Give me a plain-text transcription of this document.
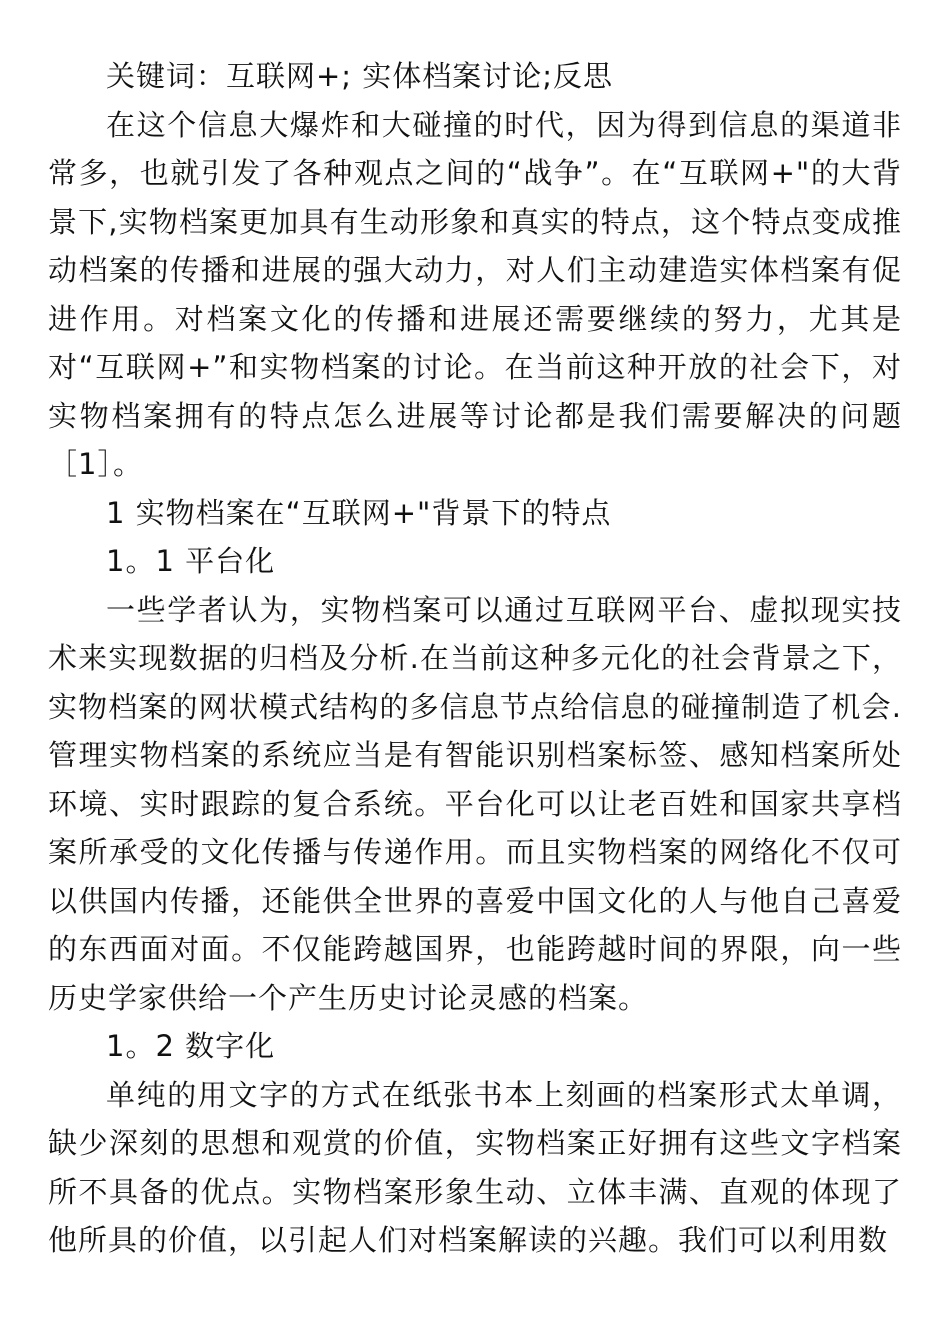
关键词：互联网+; 实体档案讨论;反思

在这个信息大爆炸和大碰撞的时代，因为得到信息的渠道非常多，也就引发了各种观点之间的“战争”。在“互联网+"的大背景下,实物档案更加具有生动形象和真实的特点，这个特点变成推动档案的传播和进展的强大动力，对人们主动建造实体档案有促进作用。对档案文化的传播和进展还需要继续的努力，尤其是对“互联网+”和实物档案的讨论。在当前这种开放的社会下，对实物档案拥有的特点怎么进展等讨论都是我们需要解决的问题［1］。

1 实物档案在“互联网+"背景下的特点

1。1 平台化

一些学者认为，实物档案可以通过互联网平台、虚拟现实技术来实现数据的归档及分析.在当前这种多元化的社会背景之下，实物档案的网状模式结构的多信息节点给信息的碰撞制造了机会.管理实物档案的系统应当是有智能识别档案标签、感知档案所处环境、实时跟踪的复合系统。平台化可以让老百姓和国家共享档案所承受的文化传播与传递作用。而且实物档案的网络化不仅可以供国内传播，还能供全世界的喜爱中国文化的人与他自己喜爱的东西面对面。不仅能跨越国界，也能跨越时间的界限，向一些历史学家供给一个产生历史讨论灵感的档案。

1。2 数字化

单纯的用文字的方式在纸张书本上刻画的档案形式太单调，缺少深刻的思想和观赏的价值，实物档案正好拥有这些文字档案所不具备的优点。实物档案形象生动、立体丰满、直观的体现了他所具的价值，以引起人们对档案解读的兴趣。我们可以利用数
